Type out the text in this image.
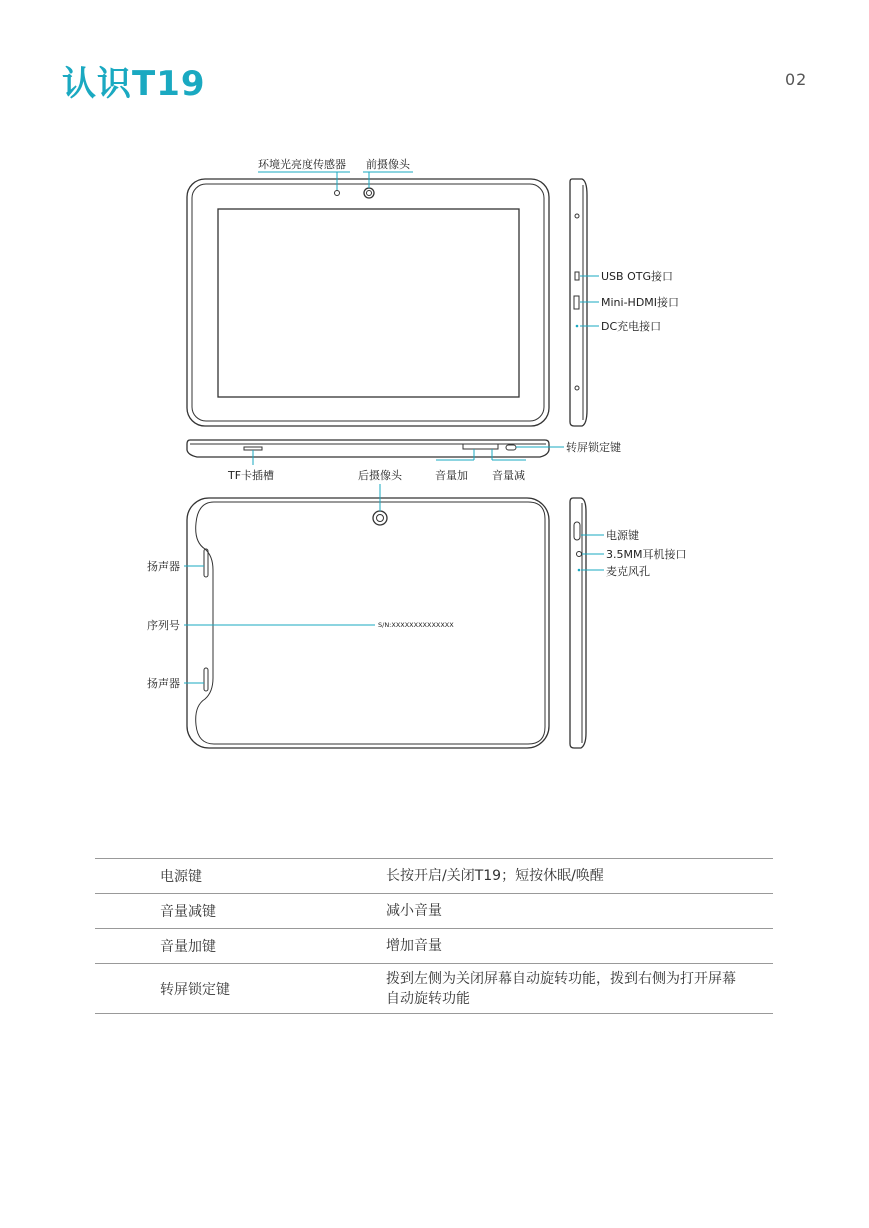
认识T19	02
环境光亮度传感器 前摄像头
USB OTG接口
Mini-HDMI接口
DC充电接口
转屏锁定键
TF卡插槽	后摄像头	音量加 音量减
扬声器
序列号
扬声器
S/N:XXXXXXXXXXXXXX
电源键
3.5MM耳机接口
麦克风孔
电源键	长按开启/关闭T19；短按休眠/唤醒
音量减键	减小音量
音量加键	增加音量
转屏锁定键	拨到左侧为关闭屏幕自动旋转功能，拨到右侧为打开屏幕
自动旋转功能
